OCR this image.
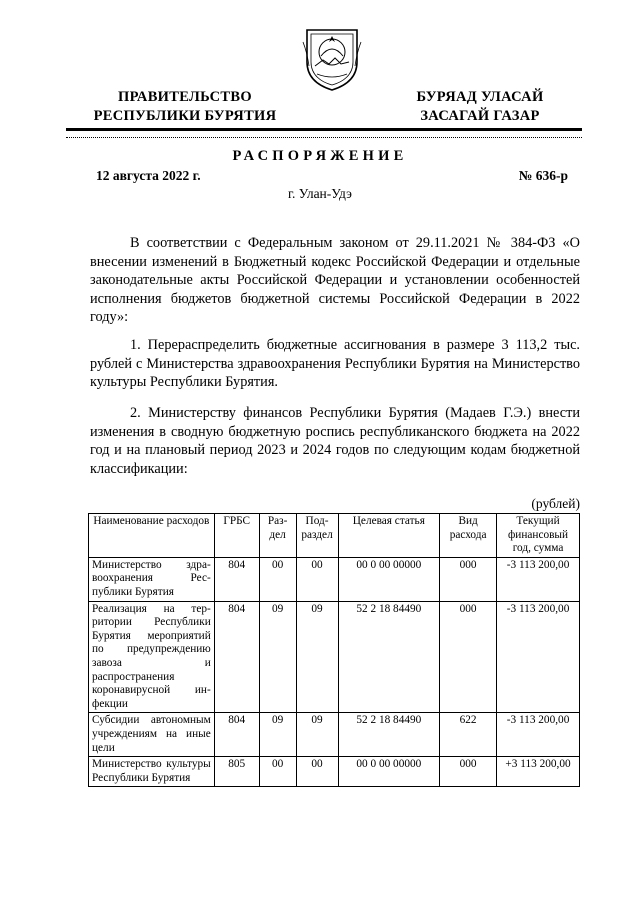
ПРАВИТЕЛЬСТВО
РЕСПУБЛИКИ БУРЯТИЯ
БУРЯАД УЛАСАЙ
ЗАСАГАЙ ГАЗАР
РАСПОРЯЖЕНИЕ
12 августа 2022 г.	№ 636-р
г. Улан-Удэ

В соответствии с Федеральным законом от 29.11.2021 № 384-ФЗ «О внесении изменений в Бюджетный кодекс Российской Федерации и отдельные законодательные акты Российской Федерации и установлении особенностей исполнения бюджетов бюджетной системы Российской Федерации в 2022 году»:

1. Перераспределить бюджетные ассигнования в размере 3 113,2 тыс. рублей с Министерства здравоохранения Республики Бурятия на Министерство культуры Республики Бурятия.

2. Министерству финансов Республики Бурятия (Мадаев Г.Э.) внести изменения в сводную бюджетную роспись республиканского бюджета на 2022 год и на плановый период 2023 и 2024 годов по следующим кодам бюджетной классификации:

(рублей)
Наименование расходов	ГРБС	Раздел	Подраздел	Целевая статья	Вид расхода	Текущий финансовый год, сумма
Министерство здравоохранения Республики Бурятия	804	00	00	00 0 00 00000	000	-3 113 200,00
Реализация на территории Республики Бурятия мероприятий по предупреждению завоза и распространения коронавирусной инфекции	804	09	09	52 2 18 84490	000	-3 113 200,00
Субсидии автономным учреждениям на иные цели	804	09	09	52 2 18 84490	622	-3 113 200,00
Министерство культуры Республики Бурятия	805	00	00	00 0 00 00000	000	+3 113 200,00
